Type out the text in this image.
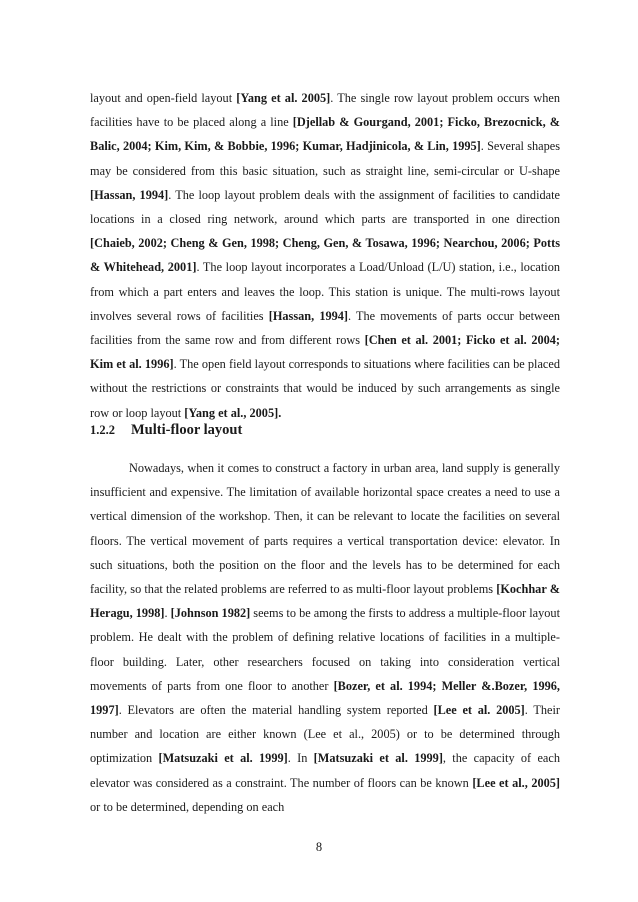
layout and open-field layout [Yang et al. 2005]. The single row layout problem occurs when facilities have to be placed along a line [Djellab & Gourgand, 2001; Ficko, Brezocnick, & Balic, 2004; Kim, Kim, & Bobbie, 1996; Kumar, Hadjinicola, & Lin, 1995]. Several shapes may be considered from this basic situation, such as straight line, semi-circular or U-shape [Hassan, 1994]. The loop layout problem deals with the assignment of facilities to candidate locations in a closed ring network, around which parts are transported in one direction [Chaieb, 2002; Cheng & Gen, 1998; Cheng, Gen, & Tosawa, 1996; Nearchou, 2006; Potts & Whitehead, 2001]. The loop layout incorporates a Load/Unload (L/U) station, i.e., location from which a part enters and leaves the loop. This station is unique. The multi-rows layout involves several rows of facilities [Hassan, 1994]. The movements of parts occur between facilities from the same row and from different rows [Chen et al. 2001; Ficko et al. 2004; Kim et al. 1996]. The open field layout corresponds to situations where facilities can be placed without the restrictions or constraints that would be induced by such arrangements as single row or loop layout [Yang et al., 2005].

1.2.2 Multi-floor layout

Nowadays, when it comes to construct a factory in urban area, land supply is generally insufficient and expensive. The limitation of available horizontal space creates a need to use a vertical dimension of the workshop. Then, it can be relevant to locate the facilities on several floors. The vertical movement of parts requires a vertical transportation device: elevator. In such situations, both the position on the floor and the levels has to be determined for each facility, so that the related problems are referred to as multi-floor layout problems [Kochhar & Heragu, 1998]. [Johnson 1982] seems to be among the firsts to address a multiple-floor layout problem. He dealt with the problem of defining relative locations of facilities in a multiple-floor building. Later, other researchers focused on taking into consideration vertical movements of parts from one floor to another [Bozer, et al. 1994; Meller &.Bozer, 1996, 1997]. Elevators are often the material handling system reported [Lee et al. 2005]. Their number and location are either known (Lee et al., 2005) or to be determined through optimization [Matsuzaki et al. 1999]. In [Matsuzaki et al. 1999], the capacity of each elevator was considered as a constraint. The number of floors can be known [Lee et al., 2005] or to be determined, depending on each

8
